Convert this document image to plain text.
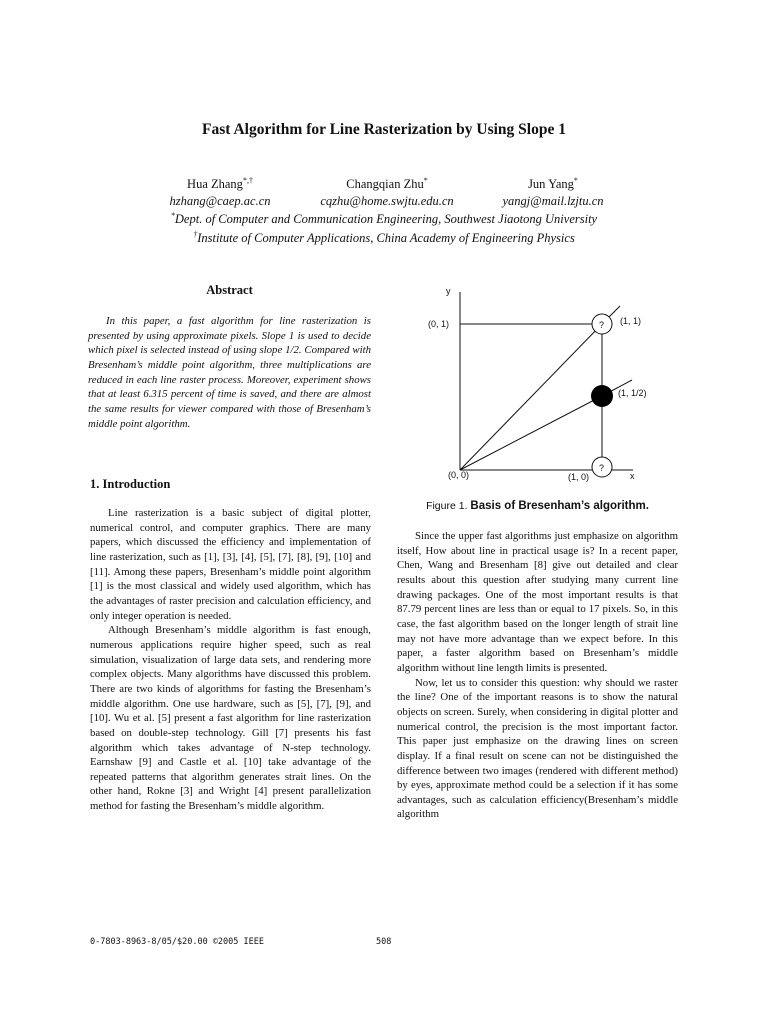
Fast Algorithm for Line Rasterization by Using Slope 1
Hua Zhang*,†
hzhang@caep.ac.cn
Changqian Zhu*
cqzhu@home.swjtu.edu.cn
Jun Yang*
yangj@mail.lzjtu.cn
*Dept. of Computer and Communication Engineering, Southwest Jiaotong University
†Institute of Computer Applications, China Academy of Engineering Physics
Abstract

In this paper, a fast algorithm for line rasterization is presented by using approximate pixels. Slope 1 is used to decide which pixel is selected instead of using slope 1/2. Compared with Bresenham’s middle point algorithm, three multiplications are reduced in each line raster process. Moreover, experiment shows that at least 6.315 percent of time is saved, and there are almost the same results for viewer compared with those of Bresenham’s middle point algorithm.

1. Introduction

Line rasterization is a basic subject of digital plotter, numerical control, and computer graphics. There are many papers, which discussed the efficiency and implementation of line rasterization, such as [1], [3], [4], [5], [7], [8], [9], [10] and [11]. Among these papers, Bresenham’s middle point algorithm [1] is the most classical and widely used algorithm, which has the advantages of raster precision and calculation efficiency, and only integer operation is needed.

Although Bresenham’s middle algorithm is fast enough, numerous applications require higher speed, such as real simulation, visualization of large data sets, and rendering more complex objects. Many algorithms have discussed this problem. There are two kinds of algorithms for fasting the Bresenham’s middle algorithm. One use hardware, such as [5], [7], [9], and [10]. Wu et al. [5] present a fast algorithm for line rasterization based on double-step technology. Gill [7] presents his fast algorithm which takes advantage of N-step technology. Earnshaw [9] and Castle et al. [10] take advantage of the repeated patterns that algorithm generates strait lines. On the other hand, Rokne [3] and Wright [4] present parallelization method for fasting the Bresenham’s middle algorithm.

?
?
y
x
(0, 1)	(1, 1)
(1, 1/2)
(0, 0)	(1, 0)
Figure 1. Basis of Bresenham’s algorithm.

Since the upper fast algorithms just emphasize on algorithm itself, How about line in practical usage is? In a recent paper, Chen, Wang and Bresenham [8] give out detailed and clear results about this question after studying many current line drawing packages. One of the most important results is that 87.79 percent lines are less than or equal to 17 pixels. So, in this case, the fast algorithm based on the longer length of strait line may not have more advantage than we expect before. In this paper, a faster algorithm based on Bresenham’s middle algorithm without line length limits is presented.

Now, let us to consider this question: why should we raster the line? One of the important reasons is to show the natural objects on screen. Surely, when considering in digital plotter and numerical control, the precision is the most important factor. This paper just emphasize on the drawing lines on screen display. If a final result on scene can not be distinguished the difference between two images (rendered with different method) by eyes, approximate method could be a selection if it has some advantages, such as calculation efficiency(Bresenham’s middle algorithm

0-7803-8963-8/05/$20.00 ©2005 IEEE	508
